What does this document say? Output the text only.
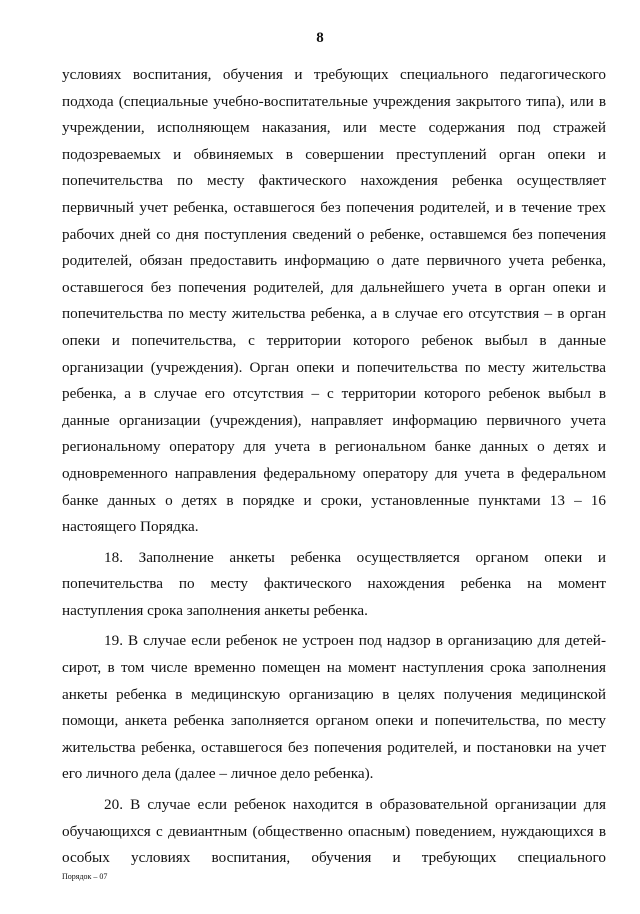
8

условиях воспитания, обучения и требующих специального педагогического подхода (специальные учебно-воспитательные учреждения закрытого типа), или в учреждении, исполняющем наказания, или месте содержания под стражей подозреваемых и обвиняемых в совершении преступлений орган опеки и попечительства по месту фактического нахождения ребенка осуществляет первичный учет ребенка, оставшегося без попечения родителей, и в течение трех рабочих дней со дня поступления сведений о ребенке, оставшемся без попечения родителей, обязан предоставить информацию о дате первичного учета ребенка, оставшегося без попечения родителей, для дальнейшего учета в орган опеки и попечительства по месту жительства ребенка, а в случае его отсутствия – в орган опеки и попечительства, с территории которого ребенок выбыл в данные организации (учреждения). Орган опеки и попечительства по месту жительства ребенка, а в случае его отсутствия – с территории которого ребенок выбыл в данные организации (учреждения), направляет информацию первичного учета региональному оператору для учета в региональном банке данных о детях и одновременного направления федеральному оператору для учета в федеральном банке данных о детях в порядке и сроки, установленные пунктами 13 – 16 настоящего Порядка.

18. Заполнение анкеты ребенка осуществляется органом опеки и попечительства по месту фактического нахождения ребенка на момент наступления срока заполнения анкеты ребенка.

19. В случае если ребенок не устроен под надзор в организацию для детей-сирот, в том числе временно помещен на момент наступления срока заполнения анкеты ребенка в медицинскую организацию в целях получения медицинской помощи, анкета ребенка заполняется органом опеки и попечительства, по месту жительства ребенка, оставшегося без попечения родителей, и постановки на учет его личного дела (далее – личное дело ребенка).

20. В случае если ребенок находится в образовательной организации для обучающихся с девиантным (общественно опасным) поведением, нуждающихся в особых условиях воспитания, обучения и требующих специального

Порядок – 07
